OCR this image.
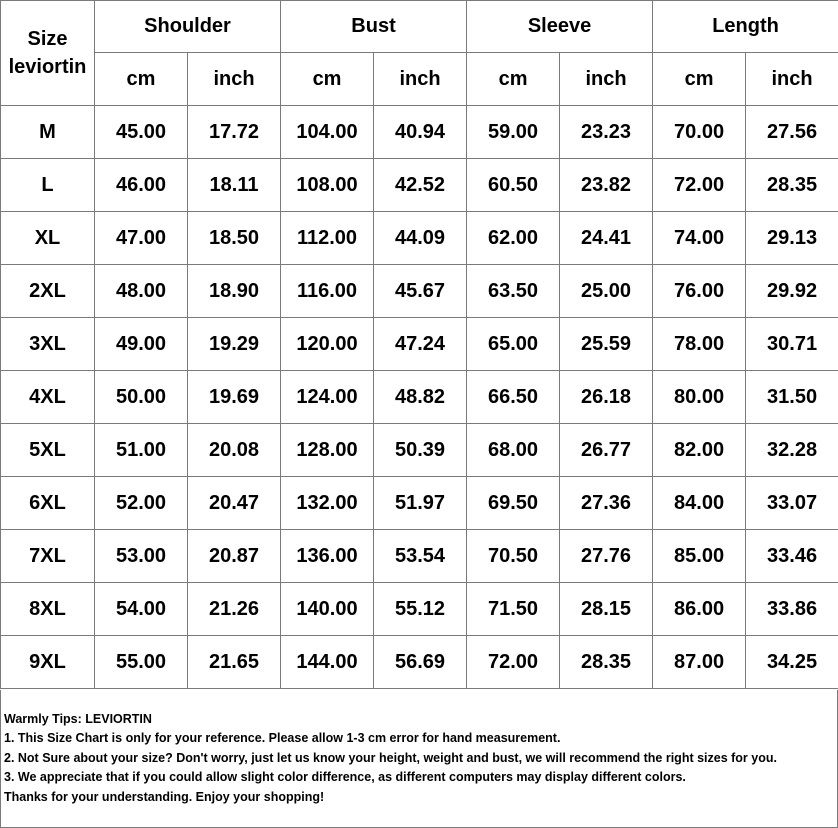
Size
leviortin	Shoulder		Bust		Sleeve		Length	
	cm	inch	cm	inch	cm	inch	cm	inch
M	45.00	17.72	104.00	40.94	59.00	23.23	70.00	27.56
L	46.00	18.11	108.00	42.52	60.50	23.82	72.00	28.35
XL	47.00	18.50	112.00	44.09	62.00	24.41	74.00	29.13
2XL	48.00	18.90	116.00	45.67	63.50	25.00	76.00	29.92
3XL	49.00	19.29	120.00	47.24	65.00	25.59	78.00	30.71
4XL	50.00	19.69	124.00	48.82	66.50	26.18	80.00	31.50
5XL	51.00	20.08	128.00	50.39	68.00	26.77	82.00	32.28
6XL	52.00	20.47	132.00	51.97	69.50	27.36	84.00	33.07
7XL	53.00	20.87	136.00	53.54	70.50	27.76	85.00	33.46
8XL	54.00	21.26	140.00	55.12	71.50	28.15	86.00	33.86
9XL	55.00	21.65	144.00	56.69	72.00	28.35	87.00	34.25
Warmly Tips: LEVIORTIN
1. This Size Chart is only for your reference. Please allow 1-3 cm error for hand measurement.
2. Not Sure about your size? Don't worry, just let us know your height, weight and bust, we will recommend the right sizes for you.
3. We appreciate that if you could allow slight color difference, as different computers may display different colors.
Thanks for your understanding. Enjoy your shopping!
